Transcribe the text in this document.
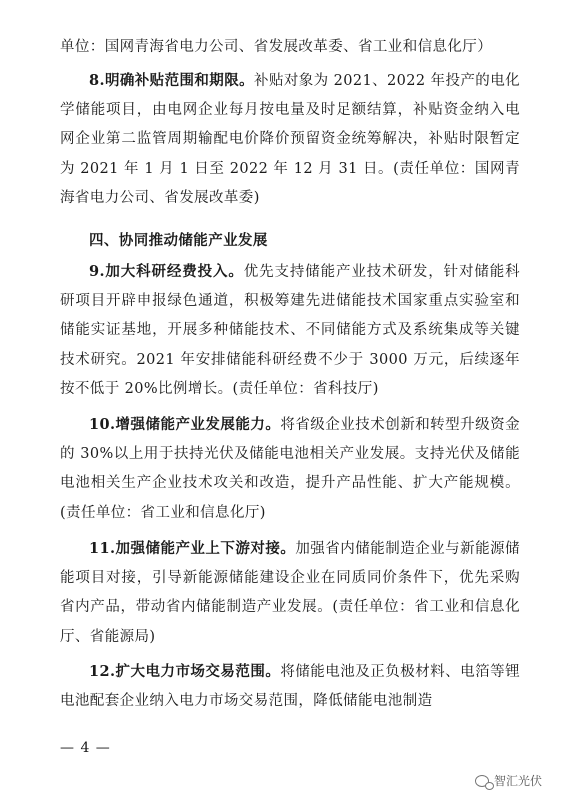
单位：国网青海省电力公司、省发展改革委、省工业和信息化厅）

8.明确补贴范围和期限。补贴对象为 2021、2022 年投产的电化学储能项目，由电网企业每月按电量及时足额结算，补贴资金纳入电网企业第二监管周期输配电价降价预留资金统筹解决，补贴时限暂定为 2021 年 1 月 1 日至 2022 年 12 月 31 日。(责任单位：国网青海省电力公司、省发展改革委)

四、协同推动储能产业发展

9.加大科研经费投入。优先支持储能产业技术研发，针对储能科研项目开辟申报绿色通道，积极筹建先进储能技术国家重点实验室和储能实证基地，开展多种储能技术、不同储能方式及系统集成等关键技术研究。2021 年安排储能科研经费不少于 3000 万元，后续逐年按不低于 20%比例增长。(责任单位：省科技厅)

10.增强储能产业发展能力。将省级企业技术创新和转型升级资金的 30%以上用于扶持光伏及储能电池相关产业发展。支持光伏及储能电池相关生产企业技术攻关和改造，提升产品性能、扩大产能规模。(责任单位：省工业和信息化厅)

11.加强储能产业上下游对接。加强省内储能制造企业与新能源储能项目对接，引导新能源储能建设企业在同质同价条件下，优先采购省内产品，带动省内储能制造产业发展。(责任单位：省工业和信息化厅、省能源局)

12.扩大电力市场交易范围。将储能电池及正负极材料、电箔等锂电池配套企业纳入电力市场交易范围，降低储能电池制造

— 4 —
智汇光伏
